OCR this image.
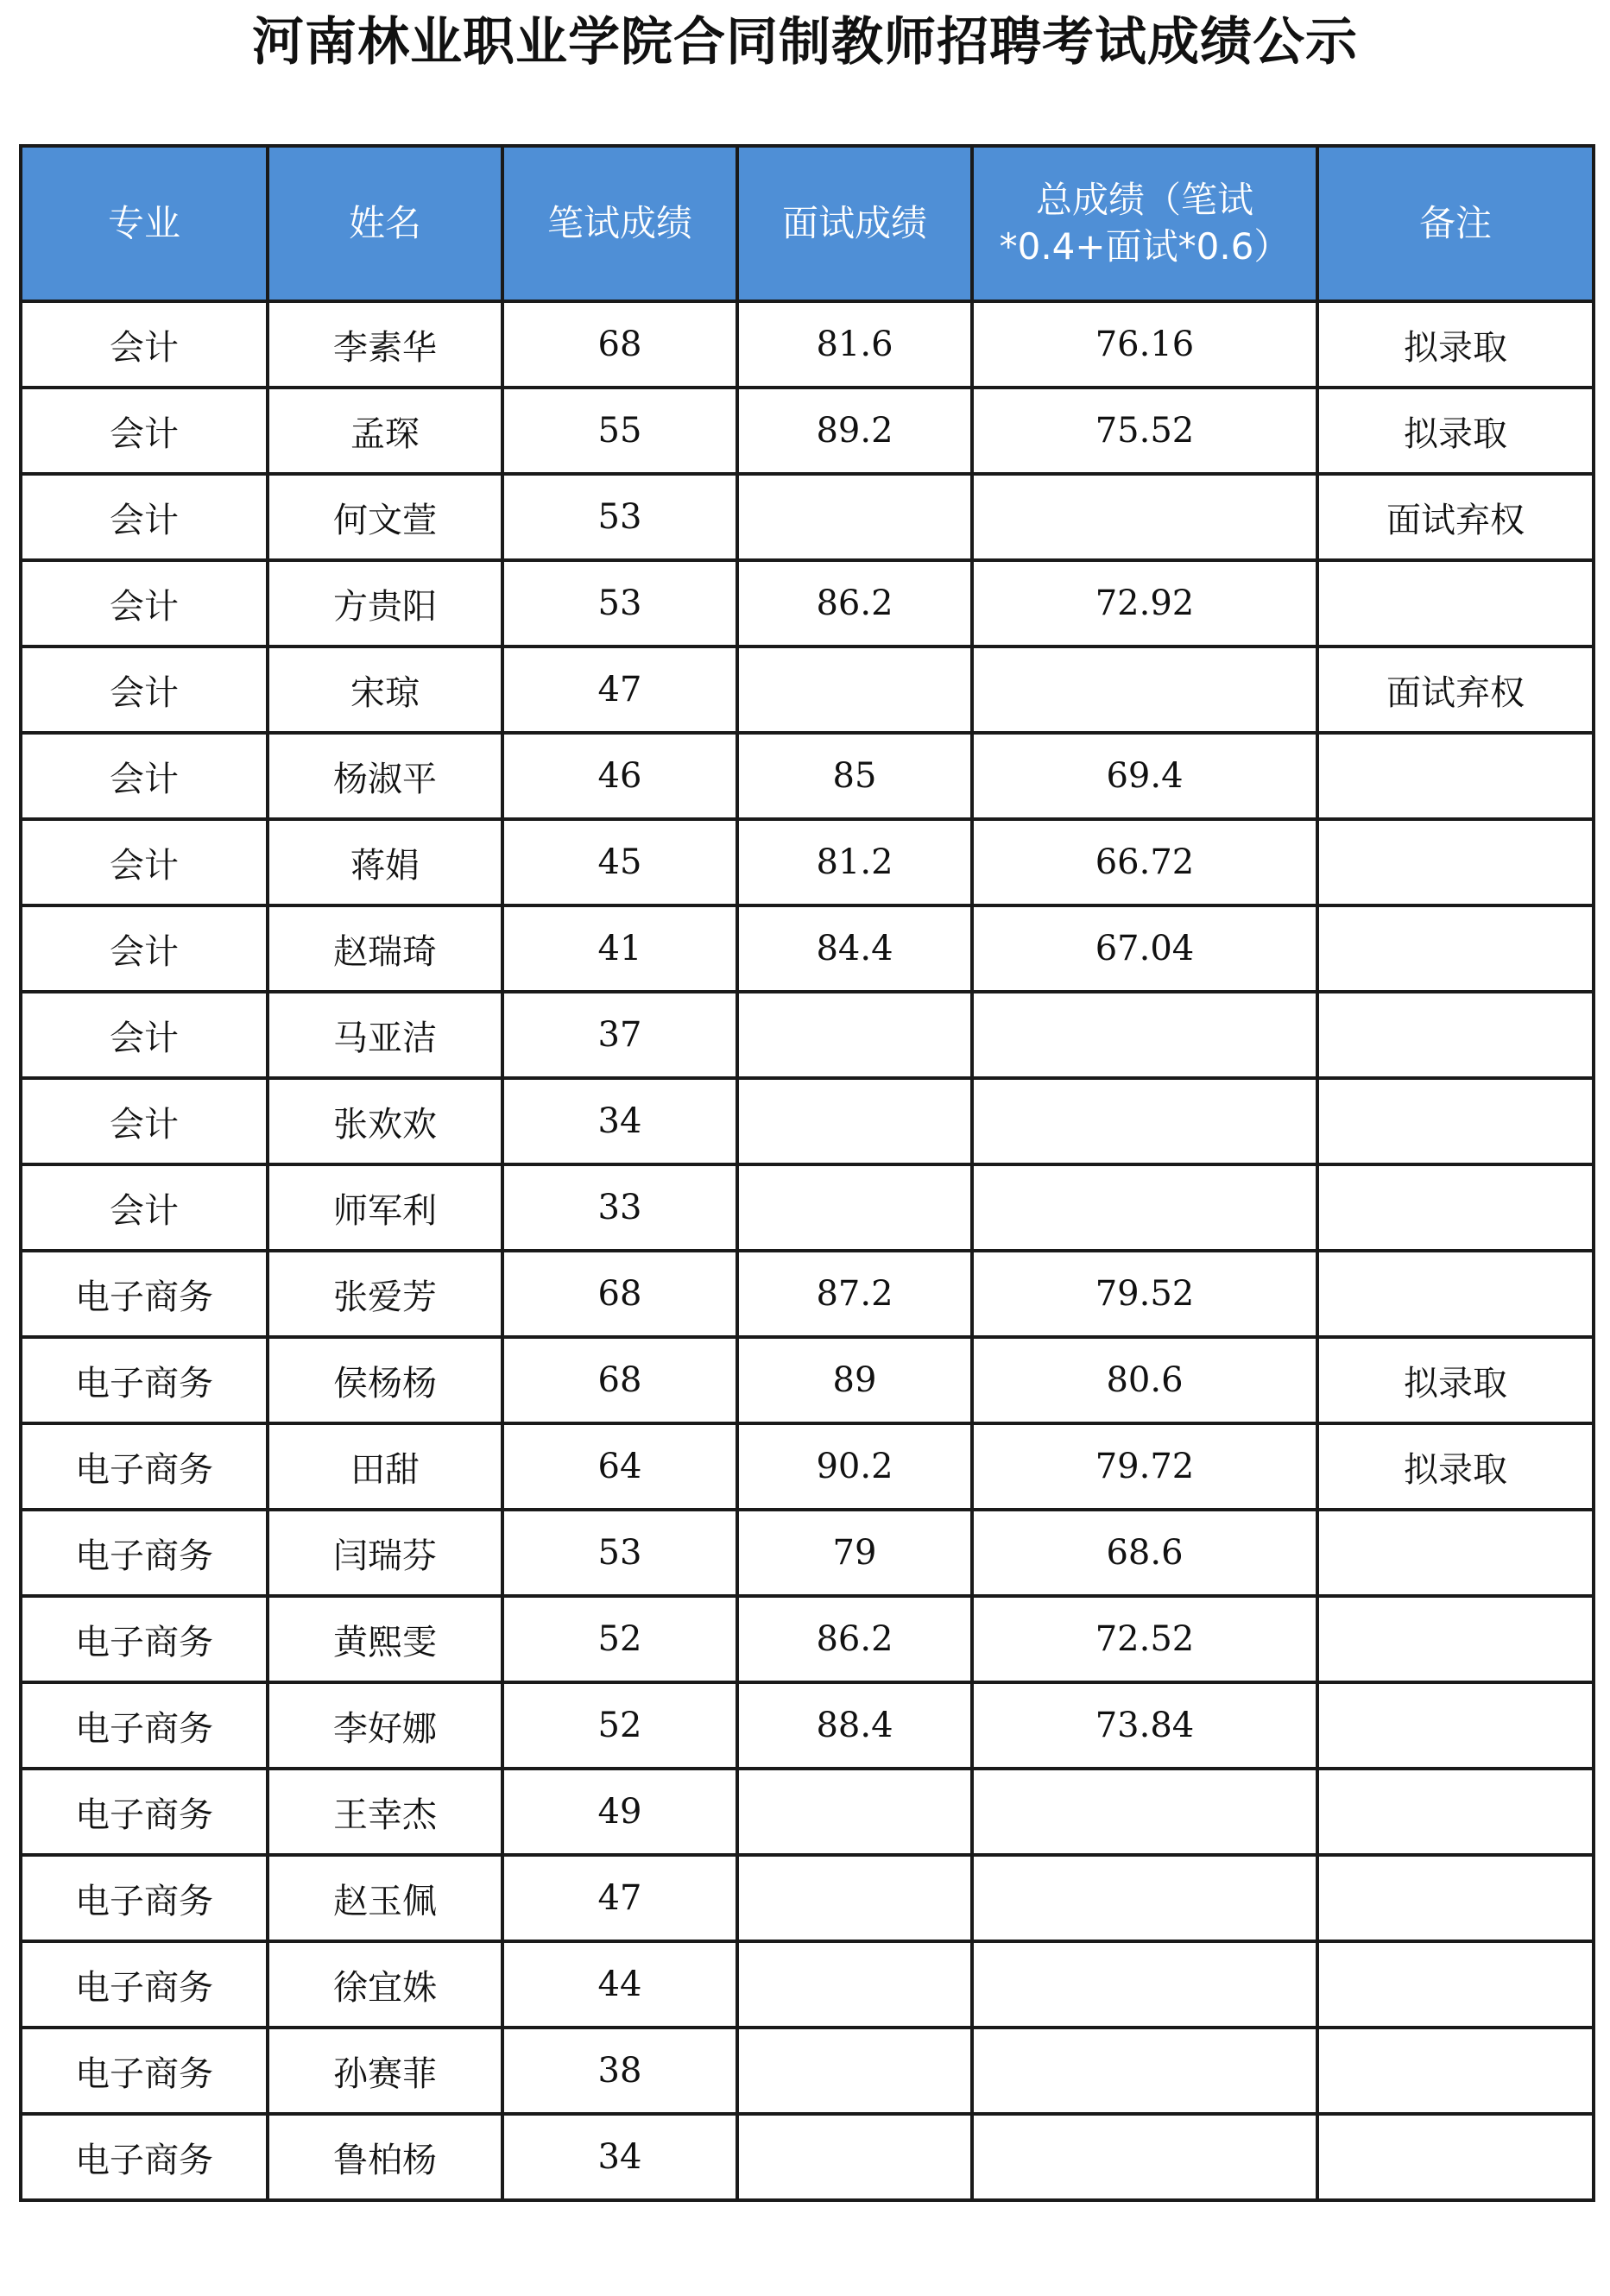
河南林业职业学院合同制教师招聘考试成绩公示
专业	姓名	笔试成绩	面试成绩	总成绩（笔试*0.4+面试*0.6）	备注
会计	李素华	68	81.6	76.16	拟录取
会计	孟琛	55	89.2	75.52	拟录取
会计	何文萱	53			面试弃权
会计	方贵阳	53	86.2	72.92	
会计	宋琼	47			面试弃权
会计	杨淑平	46	85	69.4	
会计	蒋娟	45	81.2	66.72	
会计	赵瑞琦	41	84.4	67.04	
会计	马亚洁	37			
会计	张欢欢	34			
会计	师军利	33			
电子商务	张爱芳	68	87.2	79.52	
电子商务	侯杨杨	68	89	80.6	拟录取
电子商务	田甜	64	90.2	79.72	拟录取
电子商务	闫瑞芬	53	79	68.6	
电子商务	黄熙雯	52	86.2	72.52	
电子商务	李好娜	52	88.4	73.84	
电子商务	王幸杰	49			
电子商务	赵玉佩	47			
电子商务	徐宜姝	44			
电子商务	孙赛菲	38			
电子商务	鲁柏杨	34			
